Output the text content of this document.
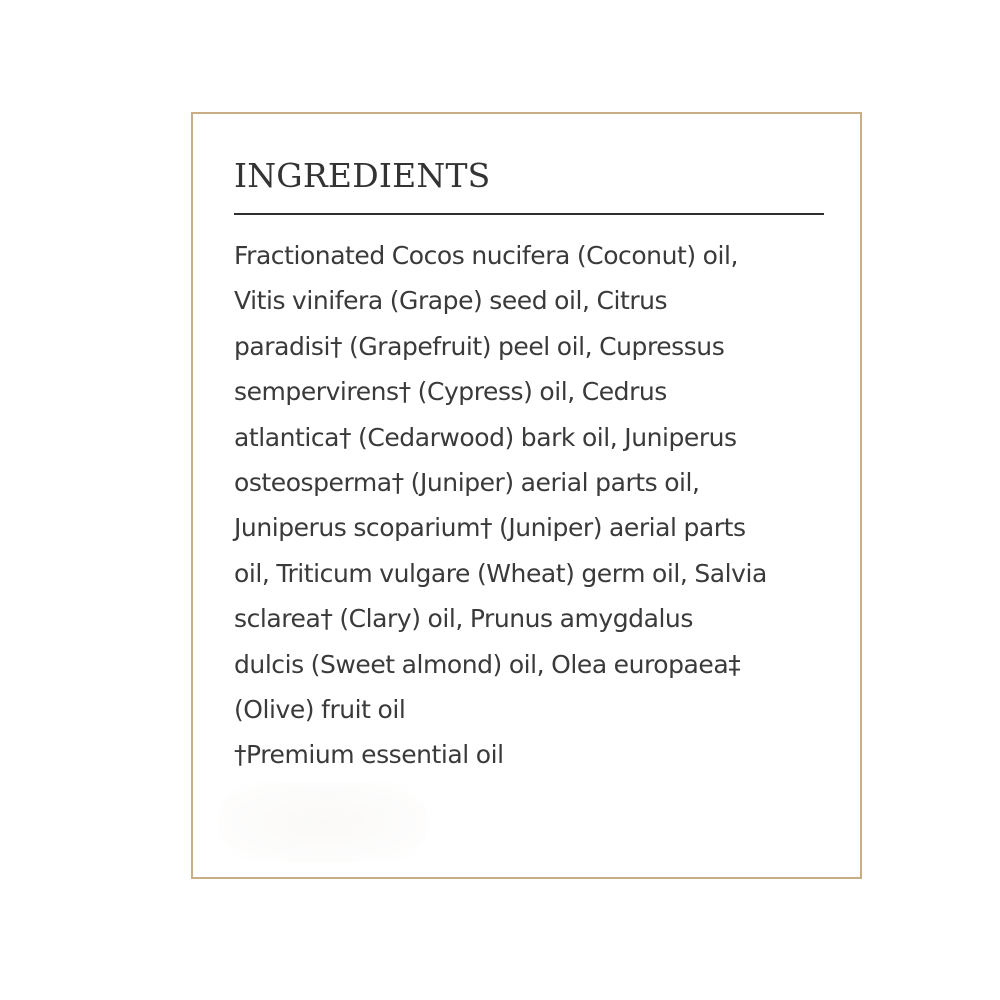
INGREDIENTS

Fractionated Cocos nucifera (Coconut) oil,
Vitis vinifera (Grape) seed oil, Citrus
paradisi† (Grapefruit) peel oil, Cupressus
sempervirens† (Cypress) oil, Cedrus
atlantica† (Cedarwood) bark oil, Juniperus
osteosperma† (Juniper) aerial parts oil,
Juniperus scoparium† (Juniper) aerial parts
oil, Triticum vulgare (Wheat) germ oil, Salvia
sclarea† (Clary) oil, Prunus amygdalus
dulcis (Sweet almond) oil, Olea europaea‡
(Olive) fruit oil
†Premium essential oil
